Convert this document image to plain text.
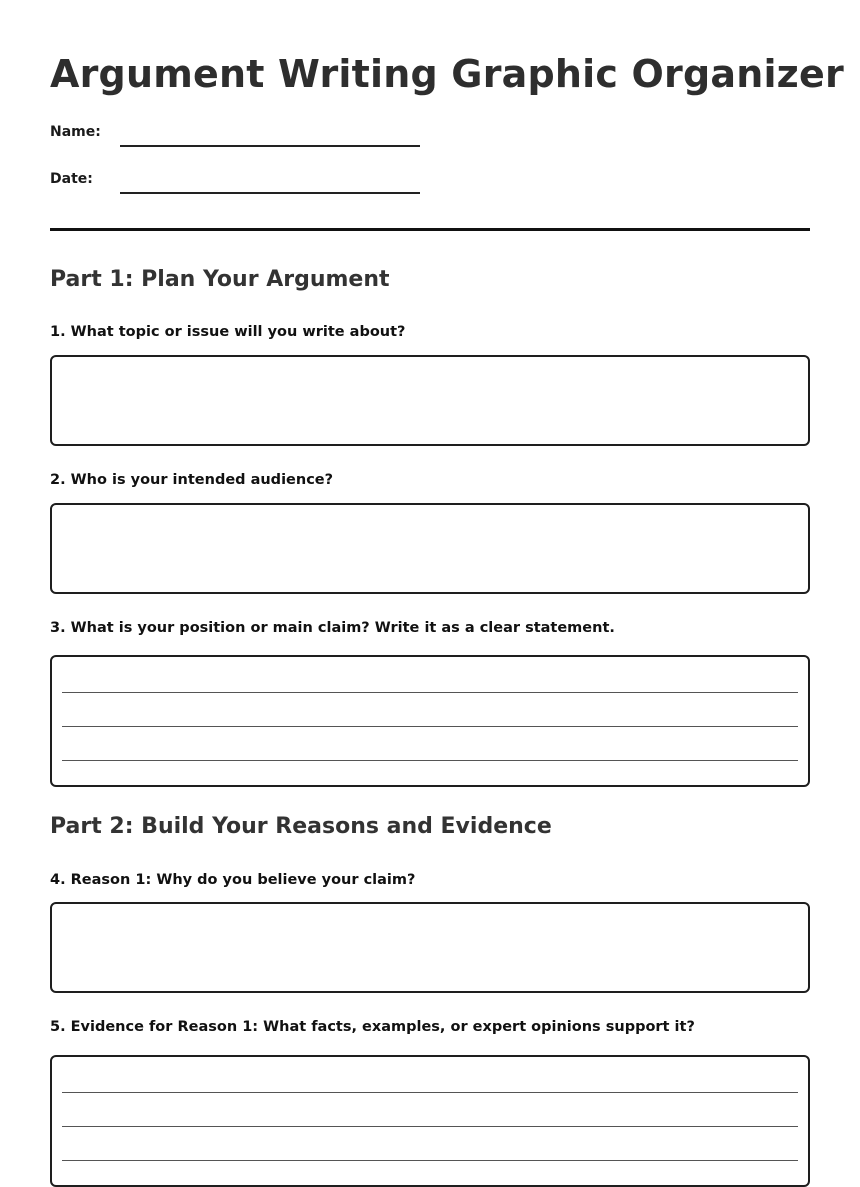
Argument Writing Graphic Organizer
Name:
Date:
Part 1: Plan Your Argument
1. What topic or issue will you write about?
2. Who is your intended audience?
3. What is your position or main claim? Write it as a clear statement.
Part 2: Build Your Reasons and Evidence
4. Reason 1: Why do you believe your claim?
5. Evidence for Reason 1: What facts, examples, or expert opinions support it?
